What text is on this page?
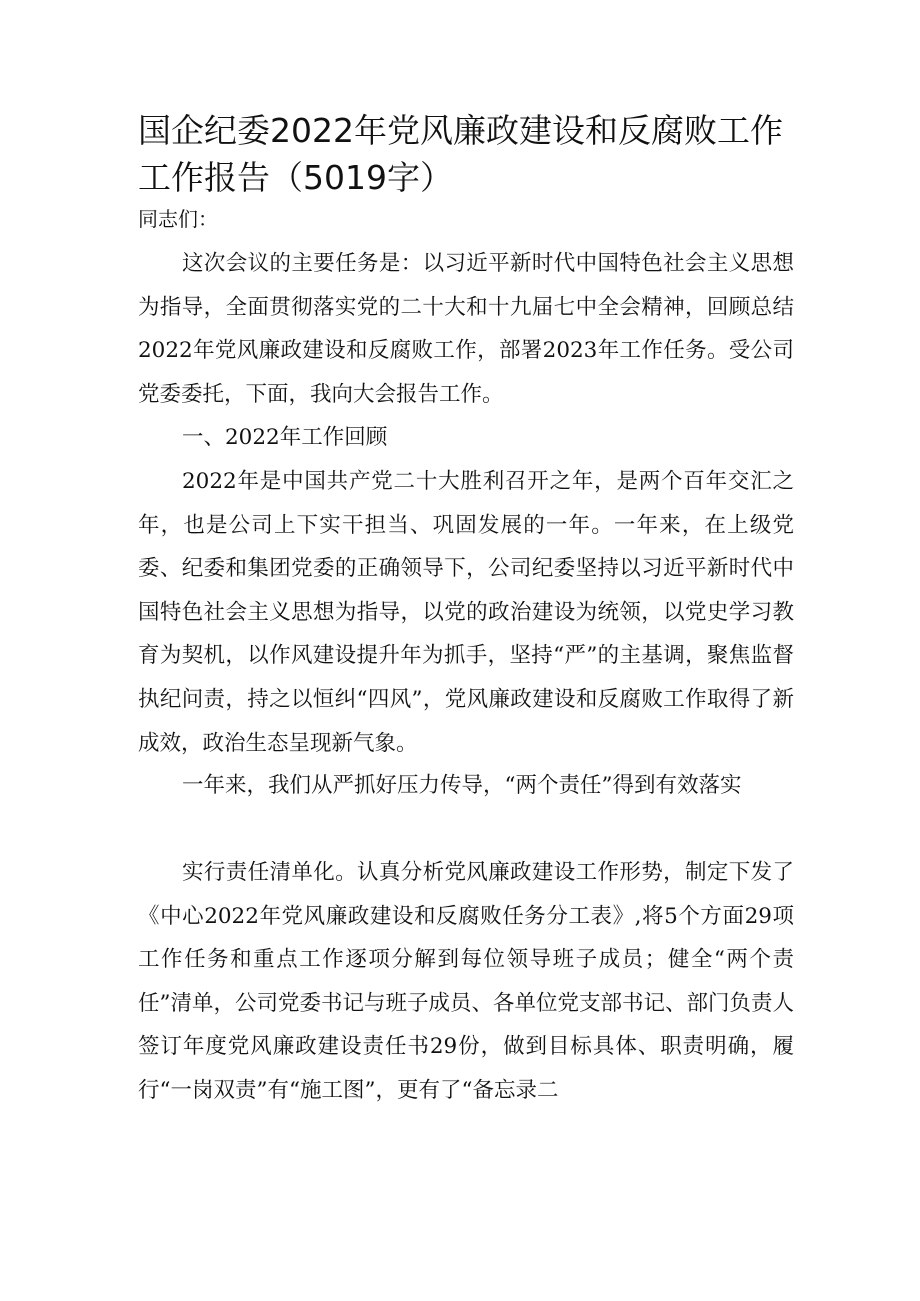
国企纪委2022年党风廉政建设和反腐败工作工作报告（5019字）

同志们：

这次会议的主要任务是：以习近平新时代中国特色社会主义思想为指导，全面贯彻落实党的二十大和十九届七中全会精神，回顾总结2022年党风廉政建设和反腐败工作，部署2023年工作任务。受公司党委委托，下面，我向大会报告工作。

一、2022年工作回顾

2022年是中国共产党二十大胜利召开之年，是两个百年交汇之年，也是公司上下实干担当、巩固发展的一年。一年来，在上级党委、纪委和集团党委的正确领导下，公司纪委坚持以习近平新时代中国特色社会主义思想为指导，以党的政治建设为统领，以党史学习教育为契机，以作风建设提升年为抓手，坚持“严”的主基调，聚焦监督执纪问责，持之以恒纠“四风”，党风廉政建设和反腐败工作取得了新成效，政治生态呈现新气象。

一年来，我们从严抓好压力传导，“两个责任”得到有效落实

实行责任清单化。认真分析党风廉政建设工作形势，制定下发了《中心2022年党风廉政建设和反腐败任务分工表》,将5个方面29项工作任务和重点工作逐项分解到每位领导班子成员；健全“两个责任”清单，公司党委书记与班子成员、各单位党支部书记、部门负责人签订年度党风廉政建设责任书29份，做到目标具体、职责明确，履行“一岗双责”有“施工图”，更有了“备忘录二
